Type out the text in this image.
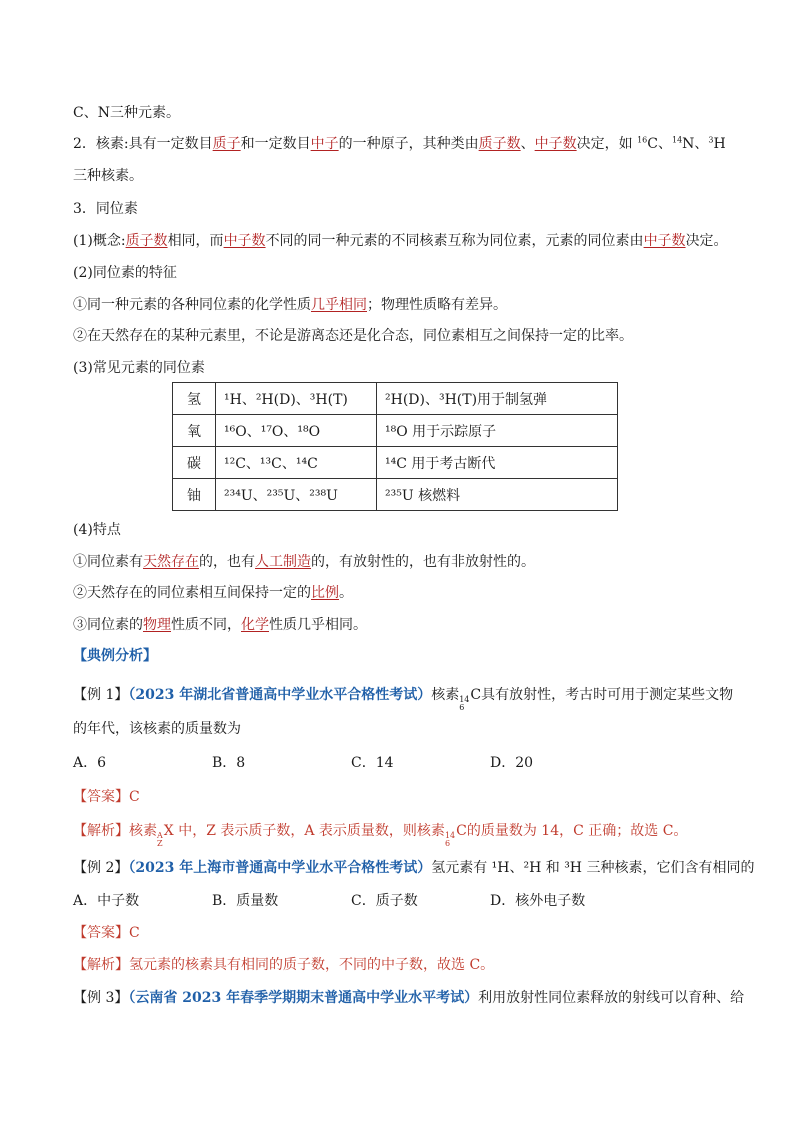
C、N三种元素。
2．核素:具有一定数目质子和一定数目中子的一种原子，其种类由质子数、中子数决定，如 $^{16}$C、$^{14}$N、$^3$H
三种核素。
3．同位素
(1)概念:质子数相同，而中子数不同的同一种元素的不同核素互称为同位素，元素的同位素由中子数决定。
(2)同位素的特征
①同一种元素的各种同位素的化学性质几乎相同；物理性质略有差异。
②在天然存在的某种元素里，不论是游离态还是化合态，同位素相互之间保持一定的比率。
(3)常见元素的同位素
氢	¹H、²H(D)、³H(T)	²H(D)、³H(T)用于制氢弹
氧	¹⁶O、¹⁷O、¹⁸O	¹⁸O 用于示踪原子
碳	¹²C、¹³C、¹⁴C	¹⁴C 用于考古断代
铀	²³⁴U、²³⁵U、²³⁸U	²³⁵U 核燃料
(4)特点
①同位素有天然存在的，也有人工制造的，有放射性的，也有非放射性的。
②天然存在的同位素相互间保持一定的比例。
③同位素的物理性质不同，化学性质几乎相同。
【典例分析】
【例 1】（2023 年湖北省普通高中学业水平合格性考试）核素 14
6
C具有放射性，考古时可用于测定某些文物
的年代，该核素的质量数为
A．6	B．8	C．14	D．20
【答案】C
【解析】核素 A
Z
X 中，Z 表示质子数，A 表示质量数，则核素 14
6
C的质量数为 14，C 正确；故选 C。
【例 2】（2023 年上海市普通高中学业水平合格性考试）氢元素有 ¹H、²H 和 ³H 三种核素，它们含有相同的
A．中子数	B．质量数	C．质子数	D．核外电子数
【答案】C
【解析】氢元素的核素具有相同的质子数，不同的中子数，故选 C。
【例 3】（云南省 2023 年春季学期期末普通高中学业水平考试）利用放射性同位素释放的射线可以育种、给
